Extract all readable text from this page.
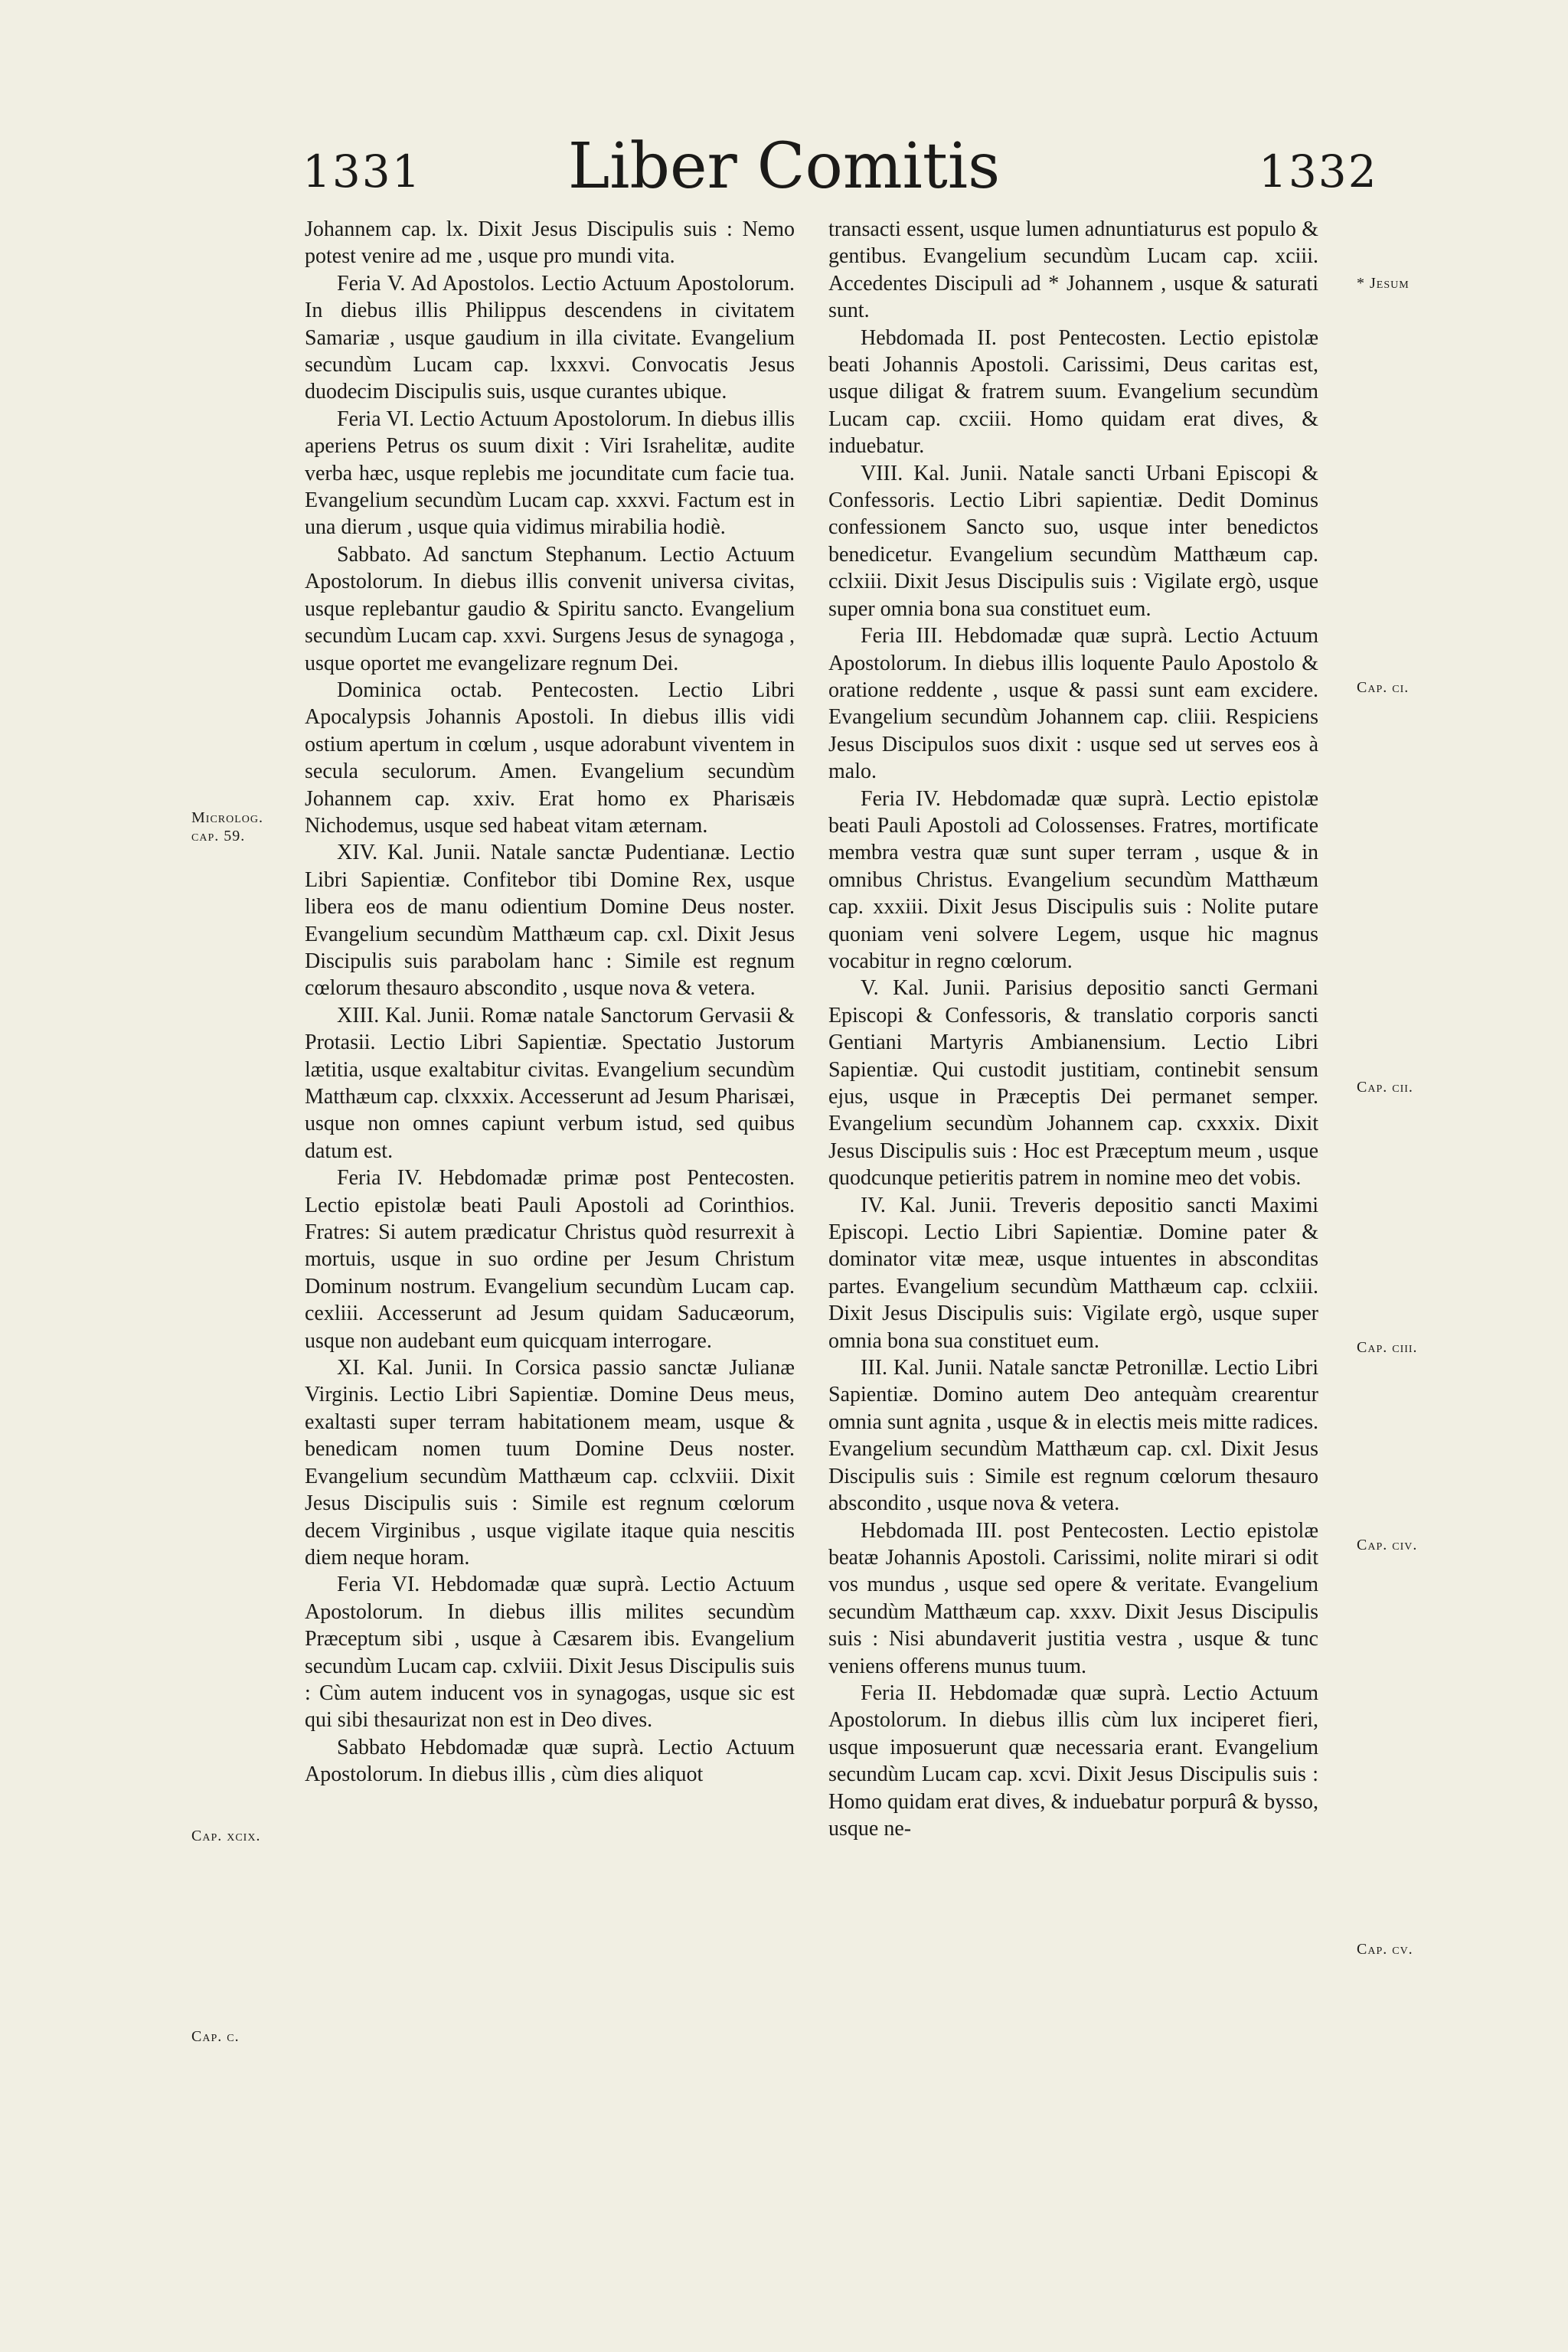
1331	Liber Comitis	1332

Johannem cap. lx. Dixit Jesus Discipulis suis : Nemo potest venire ad me , usque pro mundi vita.

Feria V. Ad Apostolos. Lectio Actuum Apostolorum. In diebus illis Philippus descendens in civitatem Samariæ , usque gaudium in illa civitate. Evangelium secundùm Lucam cap. lxxxvi. Convocatis Jesus duodecim Discipulis suis, usque curantes ubique.

Feria VI. Lectio Actuum Apostolorum. In diebus illis aperiens Petrus os suum dixit : Viri Israhelitæ, audite verba hæc, usque replebis me jocunditate cum facie tua. Evangelium secundùm Lucam cap. xxxvi. Factum est in una dierum , usque quia vidimus mirabilia hodiè.

Sabbato. Ad sanctum Stephanum. Lectio Actuum Apostolorum. In diebus illis convenit universa civitas, usque replebantur gaudio & Spiritu sancto. Evangelium secundùm Lucam cap. xxvi. Surgens Jesus de synagoga , usque oportet me evangelizare regnum Dei.

Dominica octab. Pentecosten. Lectio Libri Apocalypsis Johannis Apostoli. In diebus illis vidi ostium apertum in cœlum , usque adorabunt viventem in secula seculorum. Amen. Evangelium secundùm Johannem cap. xxiv. Erat homo ex Pharisæis Nichodemus, usque sed habeat vitam æternam.

XIV. Kal. Junii. Natale sanctæ Pudentianæ. Lectio Libri Sapientiæ. Confitebor tibi Domine Rex, usque libera eos de manu odientium Domine Deus noster. Evangelium secundùm Matthæum cap. cxl. Dixit Jesus Discipulis suis parabolam hanc : Simile est regnum cœlorum thesauro abscondito , usque nova & vetera.

XIII. Kal. Junii. Romæ natale Sanctorum Gervasii & Protasii. Lectio Libri Sapientiæ. Spectatio Justorum lætitia, usque exaltabitur civitas. Evangelium secundùm Matthæum cap. clxxxix. Accesserunt ad Jesum Pharisæi, usque non omnes capiunt verbum istud, sed quibus datum est.

Feria IV. Hebdomadæ primæ post Pentecosten. Lectio epistolæ beati Pauli Apostoli ad Corinthios. Fratres: Si autem prædicatur Christus quòd resurrexit à mortuis, usque in suo ordine per Jesum Christum Dominum nostrum. Evangelium secundùm Lucam cap. cexliii. Accesserunt ad Jesum quidam Saducæorum, usque non audebant eum quicquam interrogare.

XI. Kal. Junii. In Corsica passio sanctæ Julianæ Virginis. Lectio Libri Sapientiæ. Domine Deus meus, exaltasti super terram habitationem meam, usque & benedicam nomen tuum Domine Deus noster. Evangelium secundùm Matthæum cap. cclxviii. Dixit Jesus Discipulis suis : Simile est regnum cœlorum decem Virginibus , usque vigilate itaque quia nescitis diem neque horam.

Feria VI. Hebdomadæ quæ suprà. Lectio Actuum Apostolorum. In diebus illis milites secundùm Præceptum sibi , usque à Cæsarem ibis. Evangelium secundùm Lucam cap. cxlviii. Dixit Jesus Discipulis suis : Cùm autem inducent vos in synagogas, usque sic est qui sibi thesaurizat non est in Deo dives.

Sabbato Hebdomadæ quæ suprà. Lectio Actuum Apostolorum. In diebus illis , cùm dies aliquot

transacti essent, usque lumen adnuntiaturus est populo & gentibus. Evangelium secundùm Lucam cap. xciii. Accedentes Discipuli ad * Johannem , usque & saturati sunt.

Hebdomada II. post Pentecosten. Lectio epistolæ beati Johannis Apostoli. Carissimi, Deus caritas est, usque diligat & fratrem suum. Evangelium secundùm Lucam cap. cxciii. Homo quidam erat dives, & induebatur.

VIII. Kal. Junii. Natale sancti Urbani Episcopi & Confessoris. Lectio Libri sapientiæ. Dedit Dominus confessionem Sancto suo, usque inter benedictos benedicetur. Evangelium secundùm Matthæum cap. cclxiii. Dixit Jesus Discipulis suis : Vigilate ergò, usque super omnia bona sua constituet eum.

Feria III. Hebdomadæ quæ suprà. Lectio Actuum Apostolorum. In diebus illis loquente Paulo Apostolo & oratione reddente , usque & passi sunt eam excidere. Evangelium secundùm Johannem cap. cliii. Respiciens Jesus Discipulos suos dixit : usque sed ut serves eos à malo.

Feria IV. Hebdomadæ quæ suprà. Lectio epistolæ beati Pauli Apostoli ad Colossenses. Fratres, mortificate membra vestra quæ sunt super terram , usque & in omnibus Christus. Evangelium secundùm Matthæum cap. xxxiii. Dixit Jesus Discipulis suis : Nolite putare quoniam veni solvere Legem, usque hic magnus vocabitur in regno cœlorum.

V. Kal. Junii. Parisius depositio sancti Germani Episcopi & Confessoris, & translatio corporis sancti Gentiani Martyris Ambianensium. Lectio Libri Sapientiæ. Qui custodit justitiam, continebit sensum ejus, usque in Præceptis Dei permanet semper. Evangelium secundùm Johannem cap. cxxxix. Dixit Jesus Discipulis suis : Hoc est Præceptum meum , usque quodcunque petieritis patrem in nomine meo det vobis.

IV. Kal. Junii. Treveris depositio sancti Maximi Episcopi. Lectio Libri Sapientiæ. Domine pater & dominator vitæ meæ, usque intuentes in absconditas partes. Evangelium secundùm Matthæum cap. cclxiii. Dixit Jesus Discipulis suis: Vigilate ergò, usque super omnia bona sua constituet eum.

III. Kal. Junii. Natale sanctæ Petronillæ. Lectio Libri Sapientiæ. Domino autem Deo antequàm crearentur omnia sunt agnita , usque & in electis meis mitte radices. Evangelium secundùm Matthæum cap. cxl. Dixit Jesus Discipulis suis : Simile est regnum cœlorum thesauro abscondito , usque nova & vetera.

Hebdomada III. post Pentecosten. Lectio epistolæ beatæ Johannis Apostoli. Carissimi, nolite mirari si odit vos mundus , usque sed opere & veritate. Evangelium secundùm Matthæum cap. xxxv. Dixit Jesus Discipulis suis : Nisi abundaverit justitia vestra , usque & tunc veniens offerens munus tuum.

Feria II. Hebdomadæ quæ suprà. Lectio Actuum Apostolorum. In diebus illis cùm lux inciperet fieri, usque imposuerunt quæ necessaria erant. Evangelium secundùm Lucam cap. xcvi. Dixit Jesus Discipulis suis : Homo quidam erat dives, & induebatur porpurâ & bysso, usque ne-

Microlog. cap. 59.
Cap. xcix.
Cap. c.
* Jesum
Cap. ci.
Cap. cii.
Cap. ciii.
Cap. civ.
Cap. cv.
